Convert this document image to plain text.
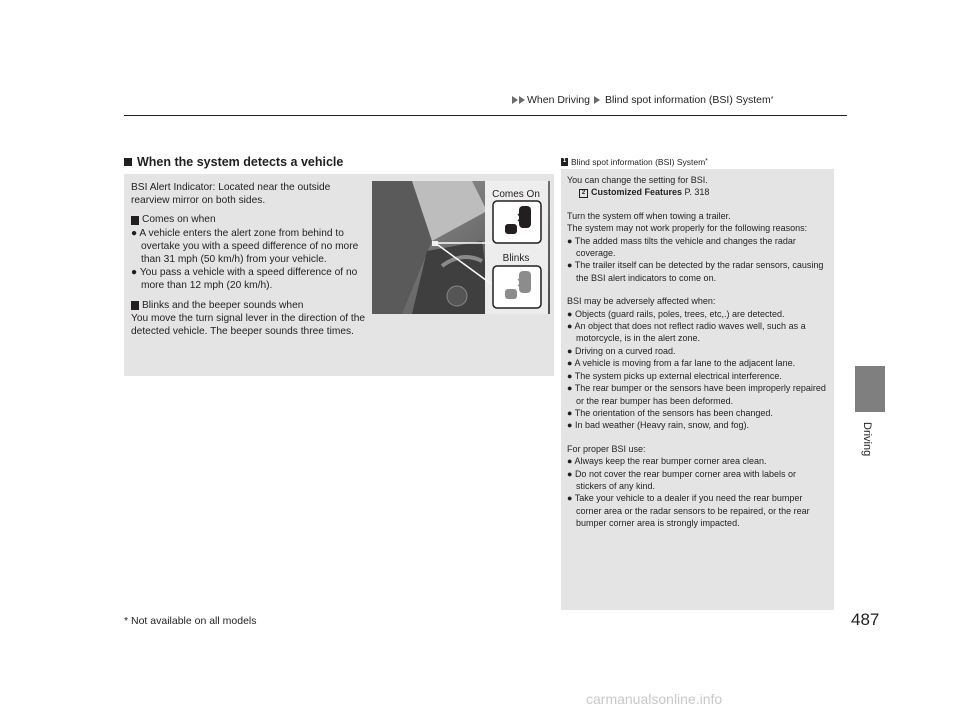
When Driving Blind spot information (BSI) System *
Driving
When the system detects a vehicle

BSI Alert Indicator: Located near the outside rearview mirror on both sides.

Comes on when

● A vehicle enters the alert zone from behind to overtake you with a speed difference of no more than 31 mph (50 km/h) from your vehicle.

● You pass a vehicle with a speed difference of no more than 12 mph (20 km/h).

Blinks and the beeper sounds when

You move the turn signal lever in the direction of the detected vehicle. The beeper sounds three times.

Comes On
Blinks
1 Blind spot information (BSI) System *

You can change the setting for BSI.

2 Customized Features P. 318

Turn the system off when towing a trailer.

The system may not work properly for the following reasons:

● The added mass tilts the vehicle and changes the radar coverage.

● The trailer itself can be detected by the radar sensors, causing the BSI alert indicators to come on.

BSI may be adversely affected when:

● Objects (guard rails, poles, trees, etc,.) are detected.

● An object that does not reflect radio waves well, such as a motorcycle, is in the alert zone.

● Driving on a curved road.

● A vehicle is moving from a far lane to the adjacent lane.

● The system picks up external electrical interference.

● The rear bumper or the sensors have been improperly repaired or the rear bumper has been deformed.

● The orientation of the sensors has been changed.

● In bad weather (Heavy rain, snow, and fog).

For proper BSI use:

● Always keep the rear bumper corner area clean.

● Do not cover the rear bumper corner area with labels or stickers of any kind.

● Take your vehicle to a dealer if you need the rear bumper corner area or the radar sensors to be repaired, or the rear bumper corner area is strongly impacted.

* Not available on all models	487
carmanualsonline.info
